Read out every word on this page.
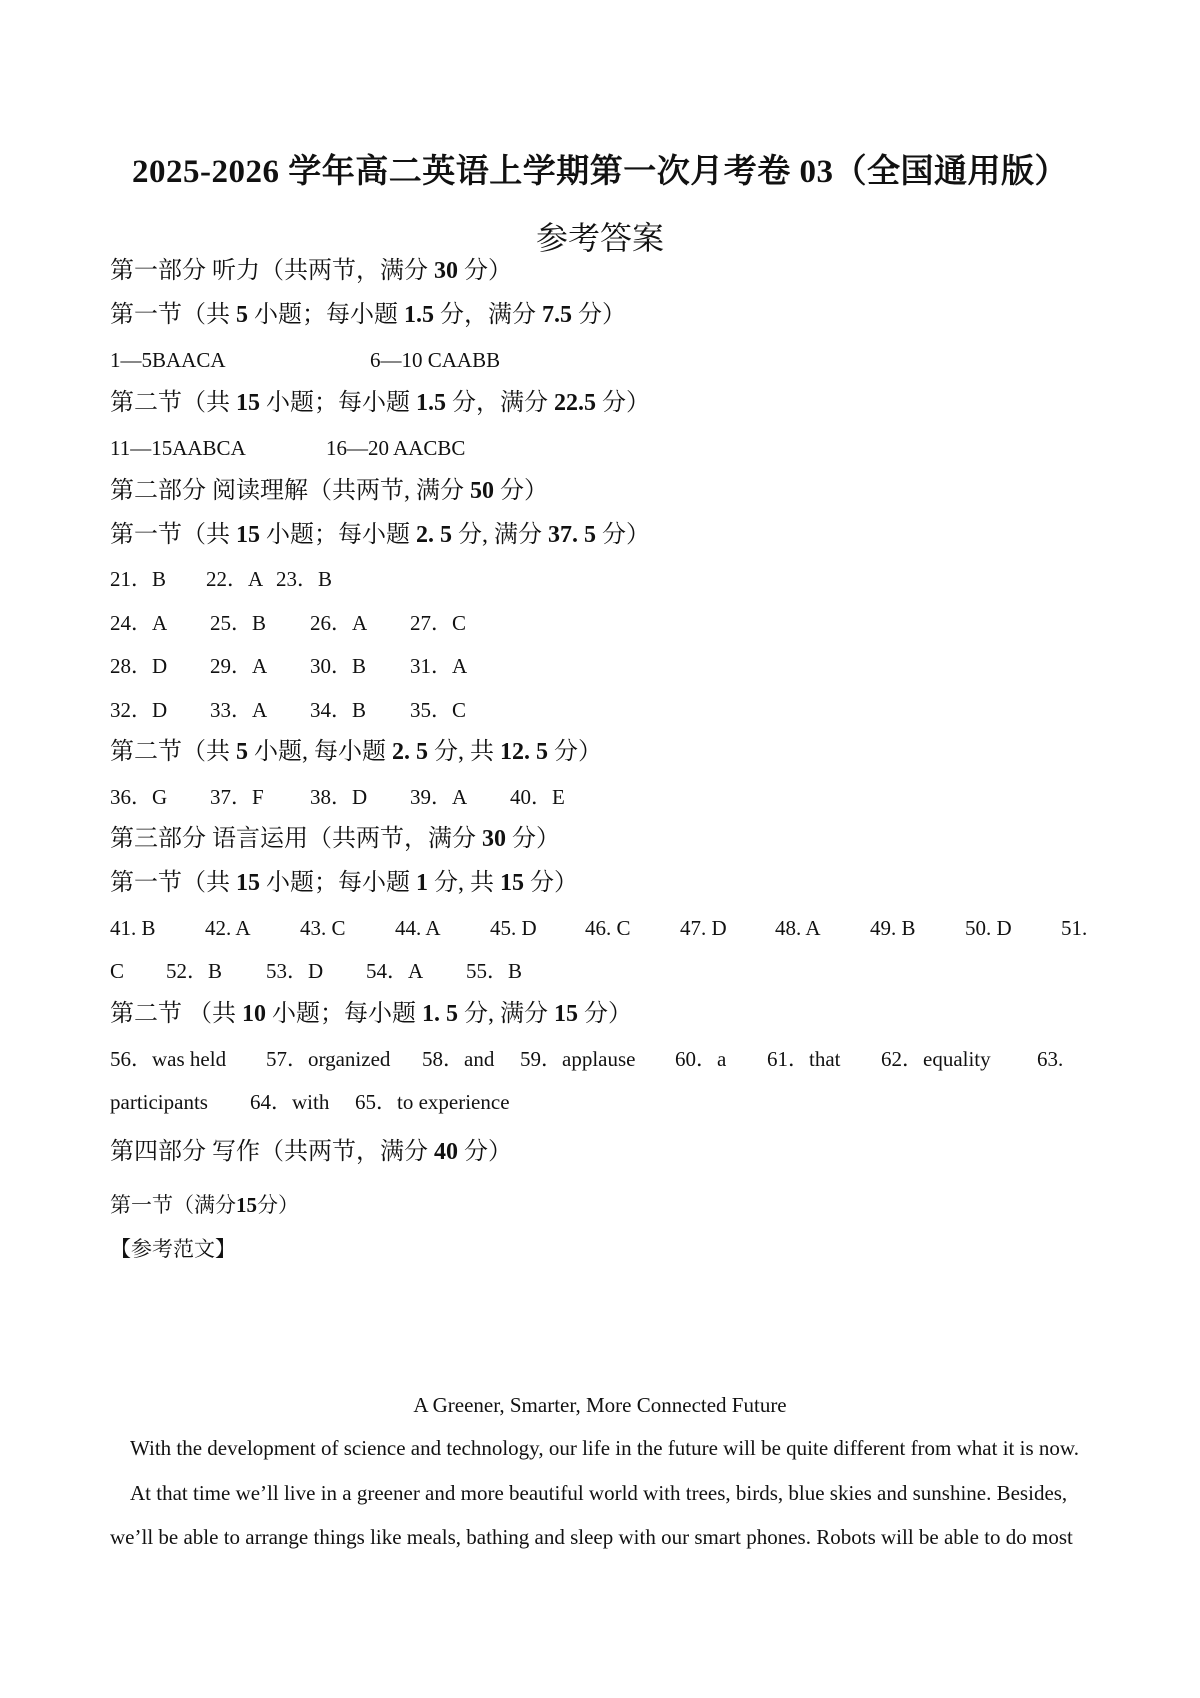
2025-2026 学年高二英语上学期第一次月考卷 03（全国通用版）
参考答案
第一部分 听力（共两节，满分 30 分）
第一节（共 5 小题；每小题 1.5 分，满分 7.5 分）
1—5BAACA	6—10 CAABB
第二节（共 15 小题；每小题 1.5 分，满分 22.5 分）
11—15AABCA	16—20 AACBC
第二部分 阅读理解（共两节, 满分 50 分）
第一节（共 15 小题；每小题 2. 5 分, 满分 37. 5 分）
21．B 22．A 23．B
24．A 25．B 26．A 27．C
28．D 29．A 30．B 31．A
32．D 33．A 34．B 35．C
第二节（共 5 小题, 每小题 2. 5 分, 共 12. 5 分）
36．G 37．F 38．D 39．A 40．E
第三部分 语言运用（共两节，满分 30 分）
第一节（共 15 小题；每小题 1 分, 共 15 分）
41. B 42. A 43. C 44. A 45. D 46. C 47. D 48. A 49. B 50. D 51.
C 52．B 53．D 54．A 55．B
第二节 （共 10 小题；每小题 1. 5 分, 满分 15 分）
56．was held 57．organized 58．and 59．applause 60．a 61．that 62．equality 63.
participants 64．with 65．to experience
第四部分 写作（共两节，满分 40 分）
第一节（满分15分）
【参考范文】
A Greener, Smarter, More Connected Future
With the development of science and technology, our life in the future will be quite different from what it is now.
At that time we’ll live in a greener and more beautiful world with trees, birds, blue skies and sunshine. Besides,
we’ll be able to arrange things like meals, bathing and sleep with our smart phones. Robots will be able to do most
